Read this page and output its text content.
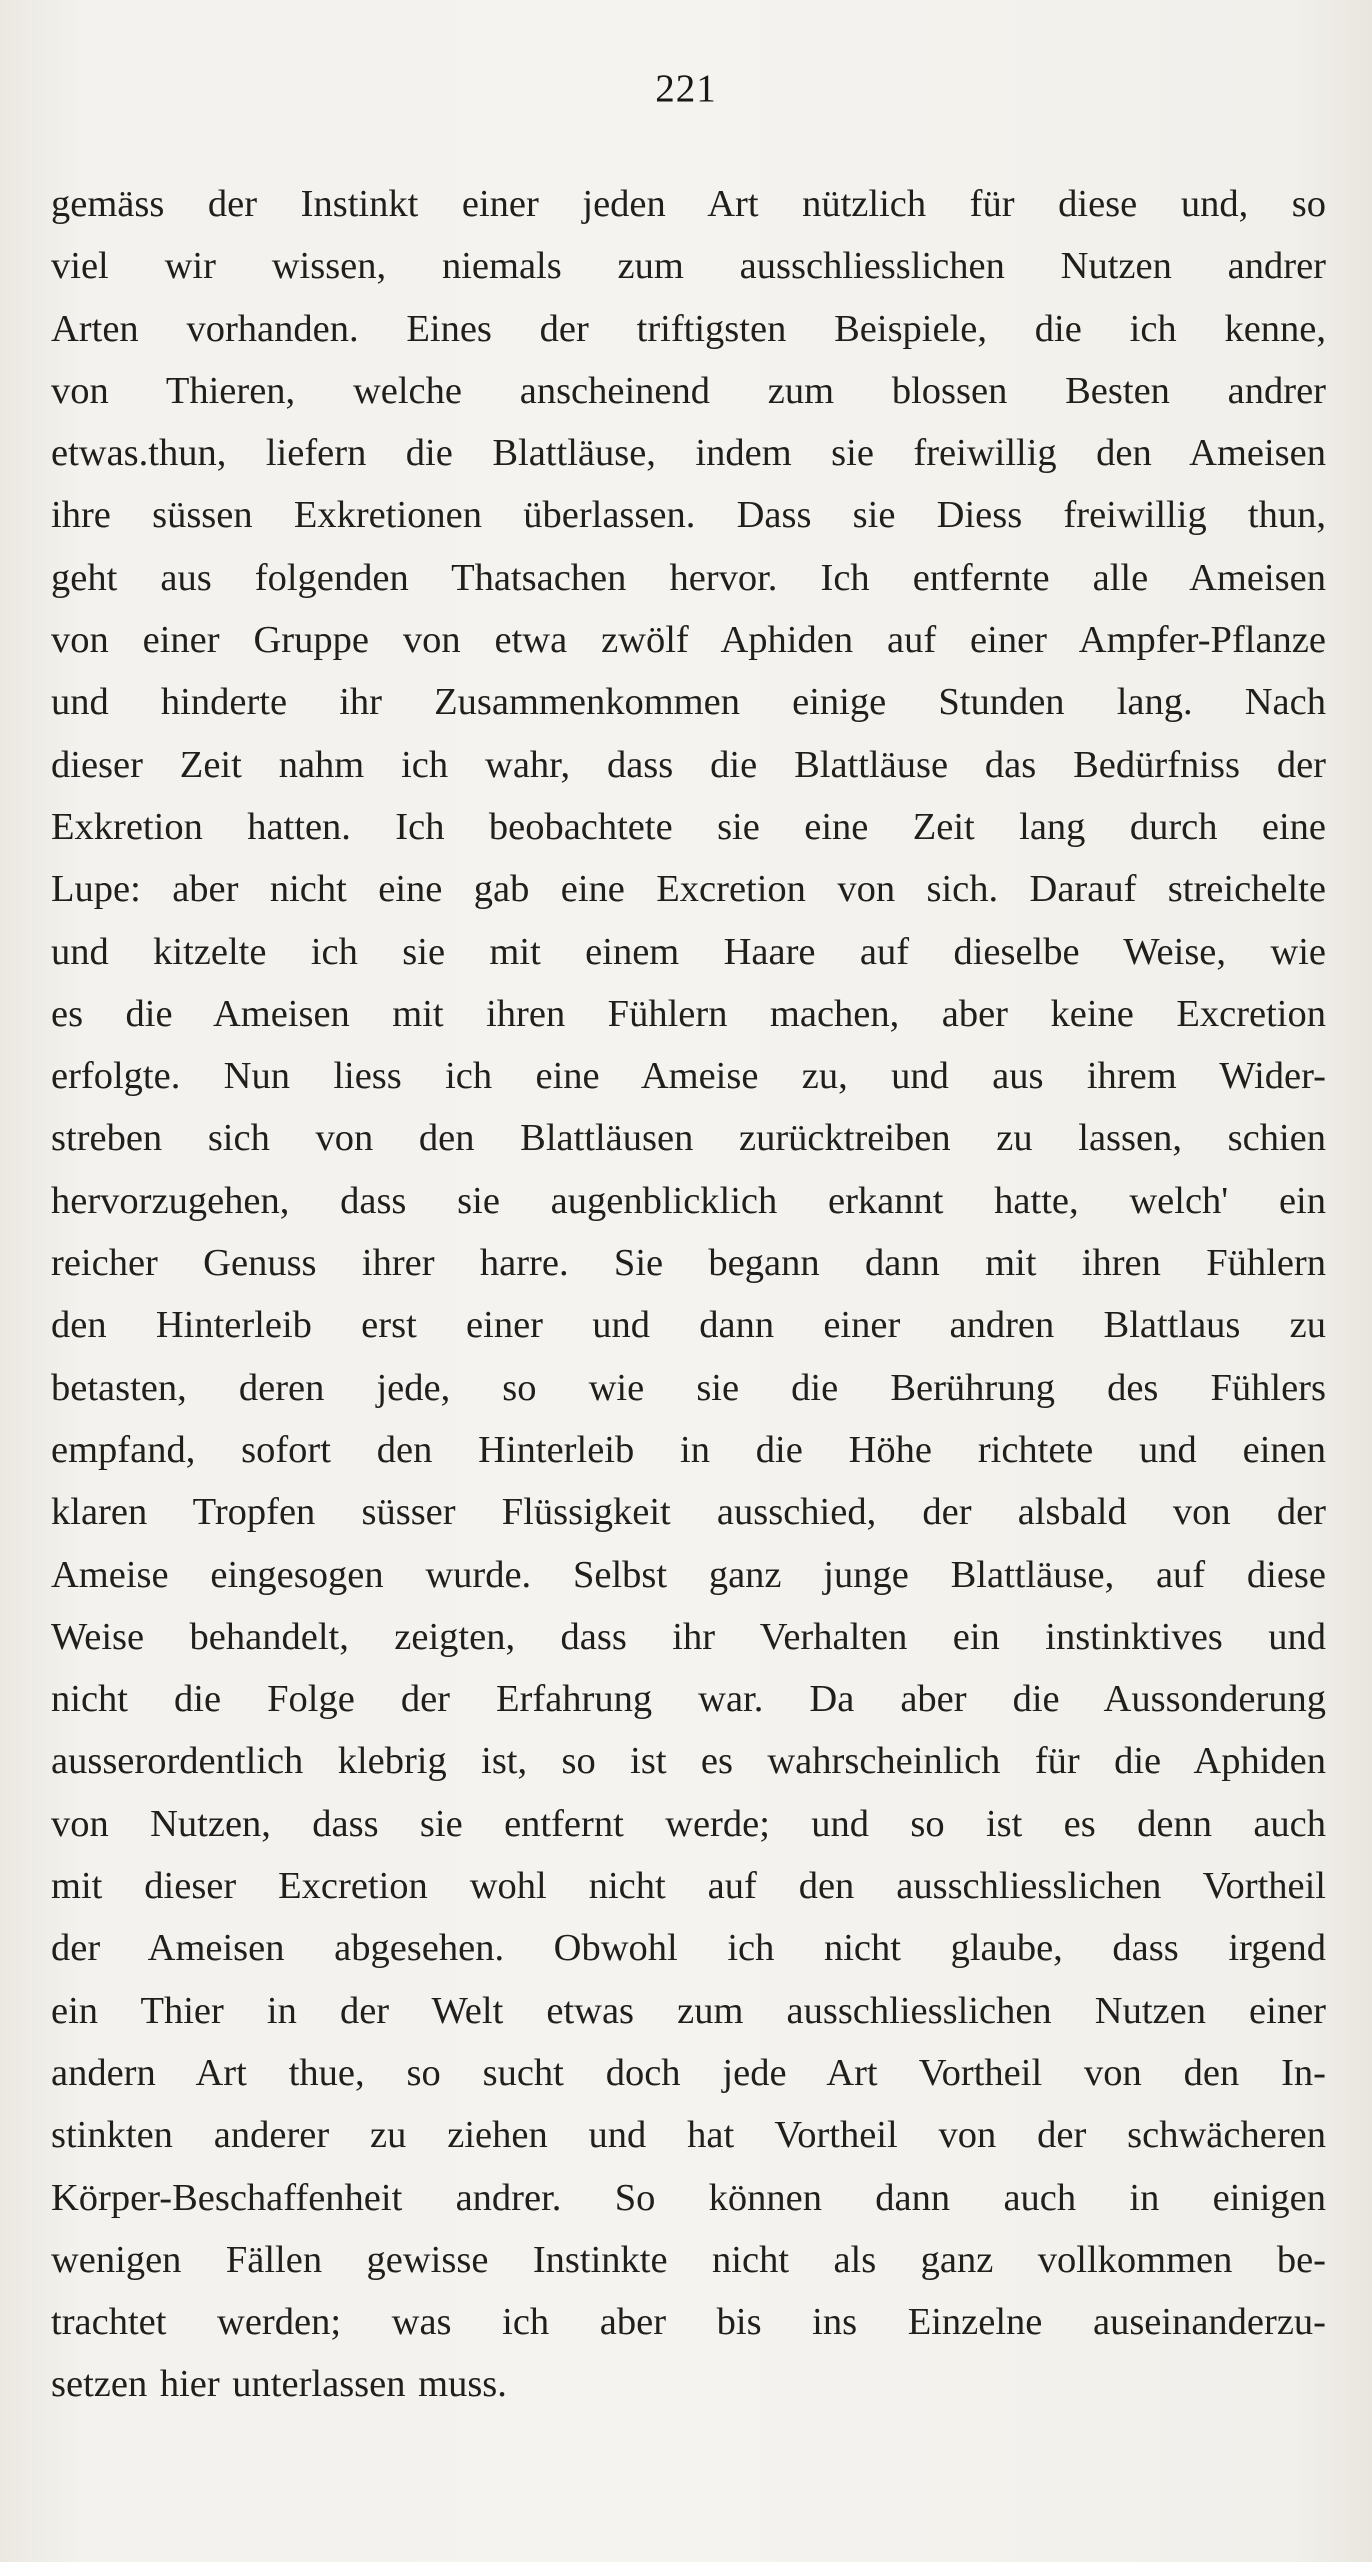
221
gemäss der Instinkt einer jeden Art nützlich für diese und, so
viel wir wissen, niemals zum ausschliesslichen Nutzen andrer
Arten vorhanden. Eines der triftigsten Beispiele, die ich kenne,
von Thieren, welche anscheinend zum blossen Besten andrer
etwas.thun, liefern die Blattläuse, indem sie freiwillig den Ameisen
ihre süssen Exkretionen überlassen. Dass sie Diess freiwillig thun,
geht aus folgenden Thatsachen hervor. Ich entfernte alle Ameisen
von einer Gruppe von etwa zwölf Aphiden auf einer Ampfer-Pflanze
und hinderte ihr Zusammenkommen einige Stunden lang. Nach
dieser Zeit nahm ich wahr, dass die Blattläuse das Bedürfniss der
Exkretion hatten. Ich beobachtete sie eine Zeit lang durch eine
Lupe: aber nicht eine gab eine Excretion von sich. Darauf streichelte
und kitzelte ich sie mit einem Haare auf dieselbe Weise, wie
es die Ameisen mit ihren Fühlern machen, aber keine Excretion
erfolgte. Nun liess ich eine Ameise zu, und aus ihrem Wider-
streben sich von den Blattläusen zurücktreiben zu lassen, schien
hervorzugehen, dass sie augenblicklich erkannt hatte, welch' ein
reicher Genuss ihrer harre. Sie begann dann mit ihren Fühlern
den Hinterleib erst einer und dann einer andren Blattlaus zu
betasten, deren jede, so wie sie die Berührung des Fühlers
empfand, sofort den Hinterleib in die Höhe richtete und einen
klaren Tropfen süsser Flüssigkeit ausschied, der alsbald von der
Ameise eingesogen wurde. Selbst ganz junge Blattläuse, auf diese
Weise behandelt, zeigten, dass ihr Verhalten ein instinktives und
nicht die Folge der Erfahrung war. Da aber die Aussonderung
ausserordentlich klebrig ist, so ist es wahrscheinlich für die Aphiden
von Nutzen, dass sie entfernt werde; und so ist es denn auch
mit dieser Excretion wohl nicht auf den ausschliesslichen Vortheil
der Ameisen abgesehen. Obwohl ich nicht glaube, dass irgend
ein Thier in der Welt etwas zum ausschliesslichen Nutzen einer
andern Art thue, so sucht doch jede Art Vortheil von den In-
stinkten anderer zu ziehen und hat Vortheil von der schwächeren
Körper-Beschaffenheit andrer. So können dann auch in einigen
wenigen Fällen gewisse Instinkte nicht als ganz vollkommen be-
trachtet werden; was ich aber bis ins Einzelne auseinanderzu-
setzen hier unterlassen muss.
